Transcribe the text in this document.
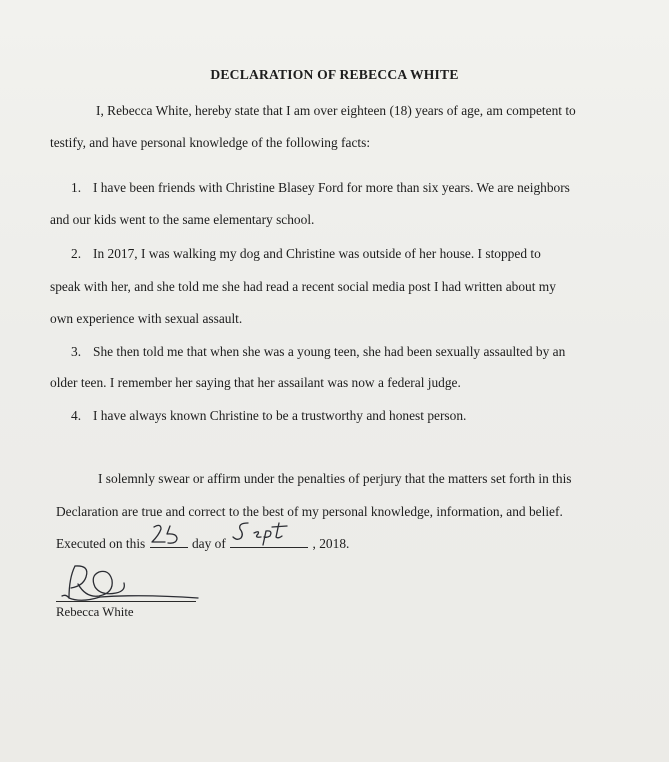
DECLARATION OF REBECCA WHITE
I, Rebecca White, hereby state that I am over eighteen (18) years of age, am competent to
testify, and have personal knowledge of the following facts:
1. I have been friends with Christine Blasey Ford for more than six years. We are neighbors
and our kids went to the same elementary school.
2. In 2017, I was walking my dog and Christine was outside of her house. I stopped to
speak with her, and she told me she had read a recent social media post I had written about my
own experience with sexual assault.
3. She then told me that when she was a young teen, she had been sexually assaulted by an
older teen. I remember her saying that her assailant was now a federal judge.
4. I have always known Christine to be a trustworthy and honest person.
I solemnly swear or affirm under the penalties of perjury that the matters set forth in this
Declaration are true and correct to the best of my personal knowledge, information, and belief.
Executed on this	day of	, 2018.
Rebecca White
